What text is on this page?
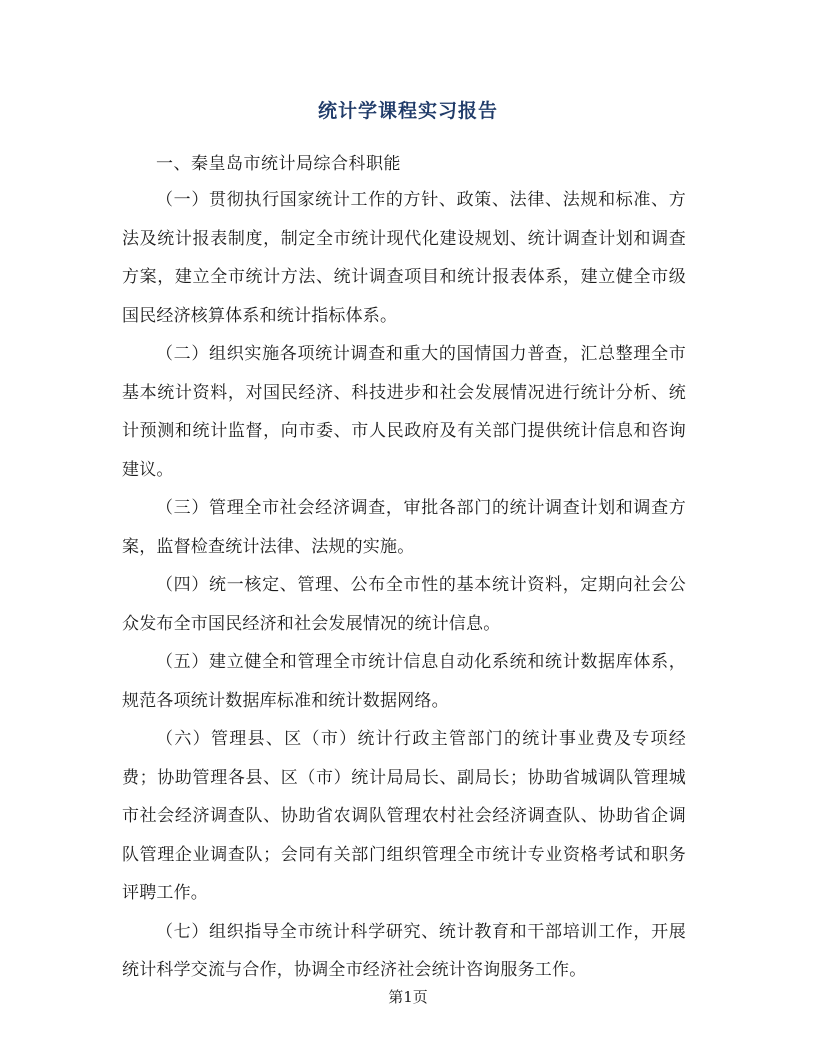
统计学课程实习报告

一、秦皇岛市统计局综合科职能

（一）贯彻执行国家统计工作的方针、政策、法律、法规和标准、方法及统计报表制度，制定全市统计现代化建设规划、统计调查计划和调查方案，建立全市统计方法、统计调查项目和统计报表体系，建立健全市级国民经济核算体系和统计指标体系。

（二）组织实施各项统计调查和重大的国情国力普查，汇总整理全市基本统计资料，对国民经济、科技进步和社会发展情况进行统计分析、统计预测和统计监督，向市委、市人民政府及有关部门提供统计信息和咨询建议。

（三）管理全市社会经济调查，审批各部门的统计调查计划和调查方案，监督检查统计法律、法规的实施。

（四）统一核定、管理、公布全市性的基本统计资料，定期向社会公众发布全市国民经济和社会发展情况的统计信息。

（五）建立健全和管理全市统计信息自动化系统和统计数据库体系，规范各项统计数据库标准和统计数据网络。

（六）管理县、区（市）统计行政主管部门的统计事业费及专项经费；协助管理各县、区（市）统计局局长、副局长；协助省城调队管理城市社会经济调查队、协助省农调队管理农村社会经济调查队、协助省企调队管理企业调查队；会同有关部门组织管理全市统计专业资格考试和职务评聘工作。

（七）组织指导全市统计科学研究、统计教育和干部培训工作，开展统计科学交流与合作，协调全市经济社会统计咨询服务工作。

第1页
